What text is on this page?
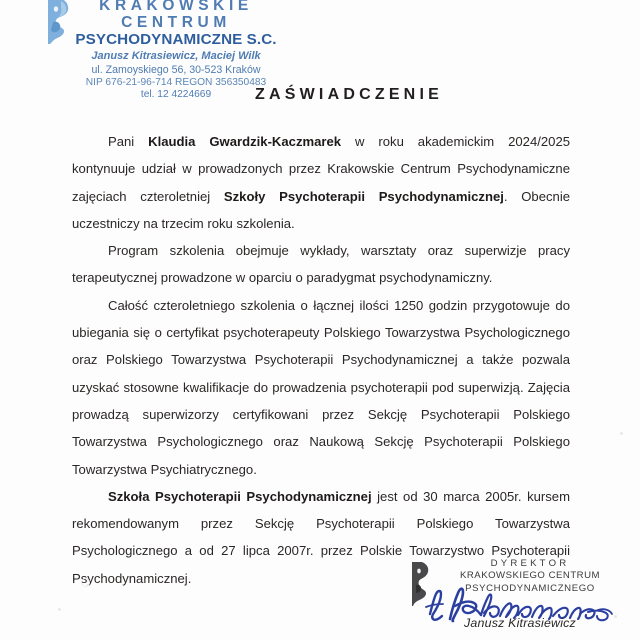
KRAKOWSKIE
CENTRUM
PSYCHODYNAMICZNE S.C.
Janusz Kitrasiewicz, Maciej Wilk
ul. Zamoyskiego 56, 30-523 Kraków
NIP 676-21-96-714 REGON 356350483
tel. 12 4224669	ZAŚWIADCZENIE

Pani Klaudia Gwardzik-Kaczmarek w roku akademickim 2024/2025 kontynuuje udział w prowadzonych przez Krakowskie Centrum Psychodynamiczne zajęciach czteroletniej Szkoły Psychoterapii Psychodynamicznej. Obecnie uczestniczy na trzecim roku szkolenia.

Program szkolenia obejmuje wykłady, warsztaty oraz superwizje pracy terapeutycznej prowadzone w oparciu o paradygmat psychodynamiczny.

Całość czteroletniego szkolenia o łącznej ilości 1250 godzin przygotowuje do ubiegania się o certyfikat psychoterapeuty Polskiego Towarzystwa Psychologicznego oraz Polskiego Towarzystwa Psychoterapii Psychodynamicznej a także pozwala uzyskać stosowne kwalifikacje do prowadzenia psychoterapii pod superwizją. Zajęcia prowadzą superwizorzy certyfikowani przez Sekcję Psychoterapii Polskiego Towarzystwa Psychologicznego oraz Naukową Sekcję Psychoterapii Polskiego Towarzystwa Psychiatrycznego.

Szkoła Psychoterapii Psychodynamicznej jest od 30 marca 2005r. kursem rekomendowanym przez Sekcję Psychoterapii Polskiego Towarzystwa Psychologicznego a od 27 lipca 2007r. przez Polskie Towarzystwo Psychoterapii Psychodynamicznej.

DYREKTOR
KRAKOWSKIEGO CENTRUM
PSYCHODYNAMICZNEGO
Janusz Kitrasiewicz
